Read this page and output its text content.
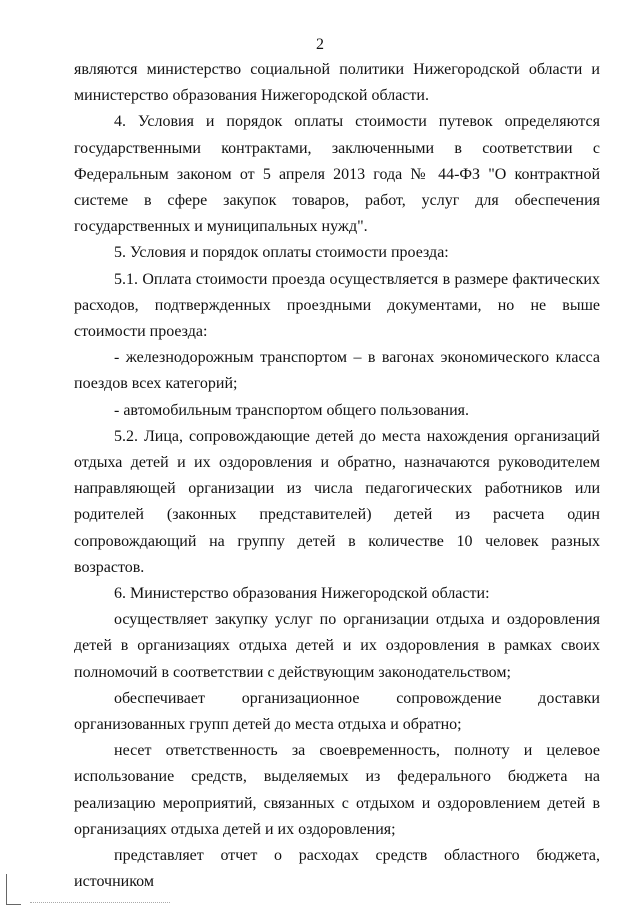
2

являются министерство социальной политики Нижегородской области и министерство образования Нижегородской области.

4. Условия и порядок оплаты стоимости путевок определяются государственными контрактами, заключенными в соответствии с Федеральным законом от 5 апреля 2013 года № 44-ФЗ "О контрактной системе в сфере закупок товаров, работ, услуг для обеспечения государственных и муниципальных нужд".

5. Условия и порядок оплаты стоимости проезда:

5.1. Оплата стоимости проезда осуществляется в размере фактических расходов, подтвержденных проездными документами, но не выше стоимости проезда:

- железнодорожным транспортом – в вагонах экономического класса поездов всех категорий;

- автомобильным транспортом общего пользования.

5.2. Лица, сопровождающие детей до места нахождения организаций отдыха детей и их оздоровления и обратно, назначаются руководителем направляющей организации из числа педагогических работников или родителей (законных представителей) детей из расчета один сопровождающий на группу детей в количестве 10 человек разных возрастов.

6. Министерство образования Нижегородской области:

осуществляет закупку услуг по организации отдыха и оздоровления детей в организациях отдыха детей и их оздоровления в рамках своих полномочий в соответствии с действующим законодательством;

обеспечивает организационное сопровождение доставки организованных групп детей до места отдыха и обратно;

несет ответственность за своевременность, полноту и целевое использование средств, выделяемых из федерального бюджета на реализацию мероприятий, связанных с отдыхом и оздоровлением детей в организациях отдыха детей и их оздоровления;

представляет отчет о расходах средств областного бюджета, источником
